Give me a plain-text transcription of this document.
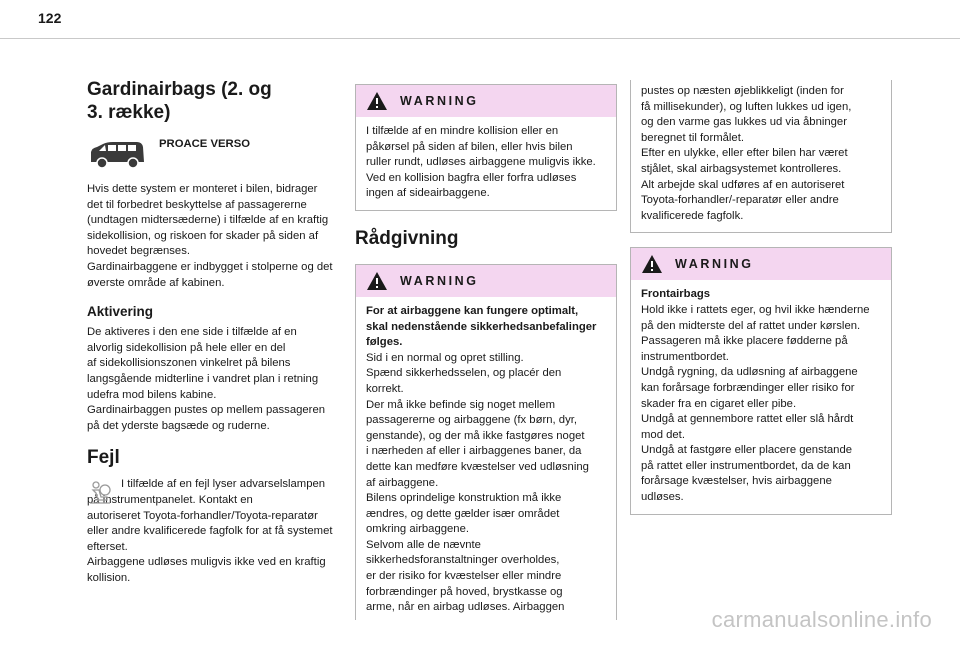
122
Gardinairbags (2. og
3. række)
PROACE VERSO

Hvis dette system er monteret i bilen, bidrager
det til forbedret beskyttelse af passagererne
(undtagen midtersæderne) i tilfælde af en kraftig
sidekollision, og riskoen for skader på siden af
hovedet begrænses.
Gardinairbaggene er indbygget i stolperne og det
øverste område af kabinen.

Aktivering

De aktiveres i den ene side i tilfælde af en
alvorlig sidekollision på hele eller en del
af sidekollisionszonen vinkelret på bilens
langsgående midterline i vandret plan i retning
udefra mod bilens kabine.
Gardinairbaggen pustes op mellem passageren
på det yderste bagsæde og ruderne.

Fejl

I tilfælde af en fejl lyser advarselslampen
på instrumentpanelet. Kontakt en
autoriseret Toyota-forhandler/Toyota-reparatør
eller andre kvalificerede fagfolk for at få systemet
efterset.
Airbaggene udløses muligvis ikke ved en kraftig
kollision.

WARNING

I tilfælde af en mindre kollision eller en
påkørsel på siden af bilen, eller hvis bilen
ruller rundt, udløses airbaggene muligvis ikke.
Ved en kollision bagfra eller forfra udløses
ingen af sideairbaggene.

Rådgivning
WARNING

For at airbaggene kan fungere optimalt,
skal nedenstående sikkerhedsanbefalinger
følges.

Sid i en normal og opret stilling.
Spænd sikkerhedsselen, og placér den
korrekt.
Der må ikke befinde sig noget mellem
passagererne og airbaggene (fx børn, dyr,
genstande), og der må ikke fastgøres noget
i nærheden af eller i airbaggenes baner, da
dette kan medføre kvæstelser ved udløsning
af airbaggene.
Bilens oprindelige konstruktion må ikke
ændres, og dette gælder især området
omkring airbaggene.
Selvom alle de nævnte
sikkerhedsforanstaltninger overholdes,
er der risiko for kvæstelser eller mindre
forbrændinger på hoved, brystkasse og
arme, når en airbag udløses. Airbaggen

pustes op næsten øjeblikkeligt (inden for
få millisekunder), og luften lukkes ud igen,
og den varme gas lukkes ud via åbninger
beregnet til formålet.
Efter en ulykke, eller efter bilen har været
stjålet, skal airbagsystemet kontrolleres.
Alt arbejde skal udføres af en autoriseret
Toyota-forhandler/-reparatør eller andre
kvalificerede fagfolk.

WARNING

Frontairbags

Hold ikke i rattets eger, og hvil ikke hænderne
på den midterste del af rattet under kørslen.
Passageren må ikke placere fødderne på
instrumentbordet.
Undgå rygning, da udløsning af airbaggene
kan forårsage forbrændinger eller risiko for
skader fra en cigaret eller pibe.
Undgå at gennembore rattet eller slå hårdt
mod det.
Undgå at fastgøre eller placere genstande
på rattet eller instrumentbordet, da de kan
forårsage kvæstelser, hvis airbaggene
udløses.

carmanualsonline.info
